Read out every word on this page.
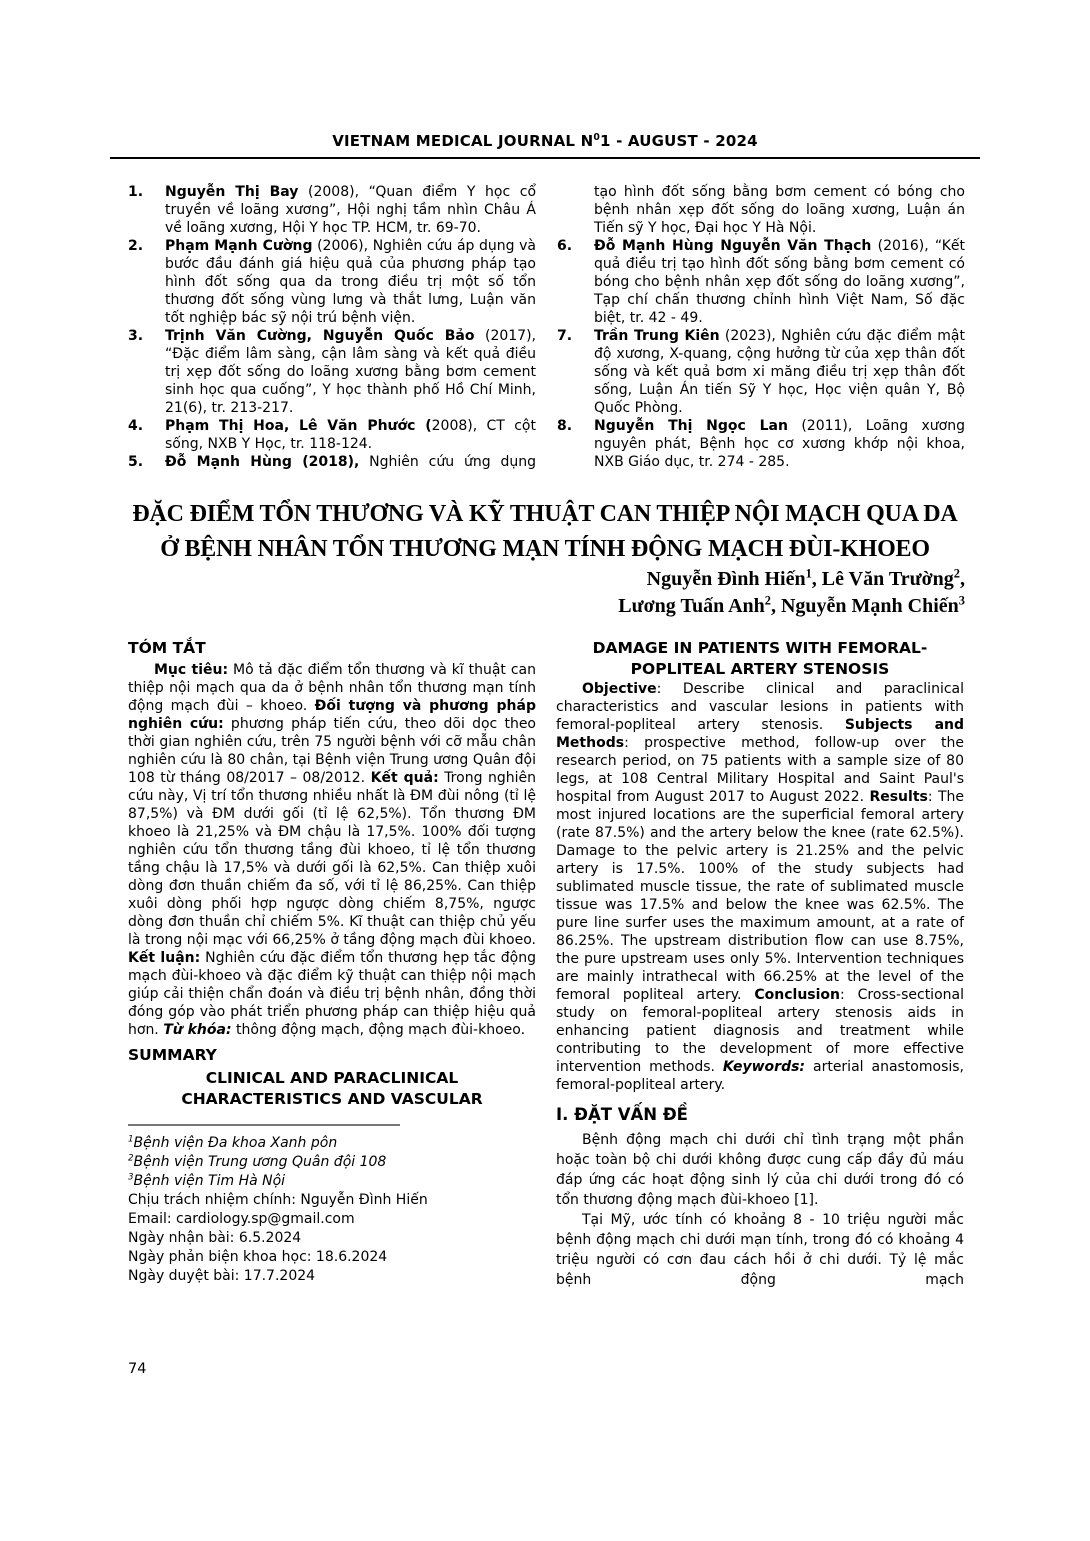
VIETNAM MEDICAL JOURNAL $N^01$ - AUGUST - 2024
1.	Nguyễn Thị Bay (2008), “Quan điểm Y học cổ truyền về loãng xương”, Hội nghị tầm nhìn Châu Á về loãng xương, Hội Y học TP. HCM, tr. 69-70.
2.	Phạm Mạnh Cường (2006), Nghiên cứu áp dụng và bước đầu đánh giá hiệu quả của phương pháp tạo hình đốt sống qua da trong điều trị một số tổn thương đốt sống vùng lưng và thắt lưng, Luận văn tốt nghiệp bác sỹ nội trú bệnh viện.
3.	Trịnh Văn Cường, Nguyễn Quốc Bảo (2017), “Đặc điểm lâm sàng, cận lâm sàng và kết quả điều trị xẹp đốt sống do loãng xương bằng bơm cement sinh học qua cuống”, Y học thành phố Hồ Chí Minh, 21(6), tr. 213-217.
4.	Phạm Thị Hoa, Lê Văn Phước (2008), CT cột sống, NXB Y Học, tr. 118-124.
5.	Đỗ Mạnh Hùng (2018), Nghiên cứu ứng dụng
tạo hình đốt sống bằng bơm cement có bóng cho bệnh nhân xẹp đốt sống do loãng xương, Luận án Tiến sỹ Y học, Đại học Y Hà Nội.
6.	Đỗ Mạnh Hùng Nguyễn Văn Thạch (2016), “Kết quả điều trị tạo hình đốt sống bằng bơm cement có bóng cho bệnh nhân xẹp đốt sống do loãng xương”, Tạp chí chấn thương chỉnh hình Việt Nam, Số đặc biệt, tr. 42 - 49.
7.	Trần Trung Kiên (2023), Nghiên cứu đặc điểm mật độ xương, X-quang, cộng hưởng từ của xẹp thân đốt sống và kết quả bơm xi măng điều trị xẹp thân đốt sống, Luận Án tiến Sỹ Y học, Học viện quân Y, Bộ Quốc Phòng.
8.	Nguyễn Thị Ngọc Lan (2011), Loãng xương nguyên phát, Bệnh học cơ xương khớp nội khoa, NXB Giáo dục, tr. 274 - 285.
ĐẶC ĐIỂM TỔN THƯƠNG VÀ KỸ THUẬT CAN THIỆP NỘI MẠCH QUA DA
Ở BỆNH NHÂN TỔN THƯƠNG MẠN TÍNH ĐỘNG MẠCH ĐÙI-KHOEO
Nguyễn Đình Hiến$^1$, Lê Văn Trường$^2$,
Lương Tuấn Anh$^2$, Nguyễn Mạnh Chiến$^3$
TÓM TẮT

Mục tiêu: Mô tả đặc điểm tổn thương và kĩ thuật can thiệp nội mạch qua da ở bệnh nhân tổn thương mạn tính động mạch đùi – khoeo. Đối tượng và phương pháp nghiên cứu: phương pháp tiến cứu, theo dõi dọc theo thời gian nghiên cứu, trên 75 người bệnh với cỡ mẫu chân nghiên cứu là 80 chân, tại Bệnh viện Trung ương Quân đội 108 từ tháng 08/2017 – 08/2012. Kết quả: Trong nghiên cứu này, Vị trí tổn thương nhiều nhất là ĐM đùi nông (tỉ lệ 87,5%) và ĐM dưới gối (tỉ lệ 62,5%). Tổn thương ĐM khoeo là 21,25% và ĐM chậu là 17,5%. 100% đối tượng nghiên cứu tổn thương tầng đùi khoeo, tỉ lệ tổn thương tầng chậu là 17,5% và dưới gối là 62,5%. Can thiệp xuôi dòng đơn thuần chiếm đa số, với tỉ lệ 86,25%. Can thiệp xuôi dòng phối hợp ngược dòng chiếm 8,75%, ngược dòng đơn thuần chỉ chiếm 5%. Kĩ thuật can thiệp chủ yếu là trong nội mạc với 66,25% ở tầng động mạch đùi khoeo. Kết luận: Nghiên cứu đặc điểm tổn thương hẹp tắc động mạch đùi-khoeo và đặc điểm kỹ thuật can thiệp nội mạch giúp cải thiện chẩn đoán và điều trị bệnh nhân, đồng thời đóng góp vào phát triển phương pháp can thiệp hiệu quả hơn. Từ khóa: thông động mạch, động mạch đùi-khoeo.

SUMMARY
CLINICAL AND PARACLINICAL
CHARACTERISTICS AND VASCULAR
$^1$Bệnh viện Đa khoa Xanh pôn
$^2$Bệnh viện Trung ương Quân đội 108
$^3$Bệnh viện Tim Hà Nội
Chịu trách nhiệm chính: Nguyễn Đình Hiến
Email: cardiology.sp@gmail.com
Ngày nhận bài: 6.5.2024
Ngày phản biện khoa học: 18.6.2024
Ngày duyệt bài: 17.7.2024
DAMAGE IN PATIENTS WITH FEMORAL-
POPLITEAL ARTERY STENOSIS

Objective: Describe clinical and paraclinical characteristics and vascular lesions in patients with femoral-popliteal artery stenosis. Subjects and Methods: prospective method, follow-up over the research period, on 75 patients with a sample size of 80 legs, at 108 Central Military Hospital and Saint Paul's hospital from August 2017 to August 2022. Results: The most injured locations are the superficial femoral artery (rate 87.5%) and the artery below the knee (rate 62.5%). Damage to the pelvic artery is 21.25% and the pelvic artery is 17.5%. 100% of the study subjects had sublimated muscle tissue, the rate of sublimated muscle tissue was 17.5% and below the knee was 62.5%. The pure line surfer uses the maximum amount, at a rate of 86.25%. The upstream distribution flow can use 8.75%, the pure upstream uses only 5%. Intervention techniques are mainly intrathecal with 66.25% at the level of the femoral popliteal artery. Conclusion: Cross-sectional study on femoral-popliteal artery stenosis aids in enhancing patient diagnosis and treatment while contributing to the development of more effective intervention methods. Keywords: arterial anastomosis, femoral-popliteal artery.

I. ĐẶT VẤN ĐỀ

Bệnh động mạch chi dưới chỉ tình trạng một phần hoặc toàn bộ chi dưới không được cung cấp đầy đủ máu đáp ứng các hoạt động sinh lý của chi dưới trong đó có tổn thương động mạch đùi-khoeo [1].

Tại Mỹ, ước tính có khoảng 8 - 10 triệu người mắc bệnh động mạch chi dưới mạn tính, trong đó có khoảng 4 triệu người có cơn đau cách hồi ở chi dưới. Tỷ lệ mắc bệnh động mạch

74
